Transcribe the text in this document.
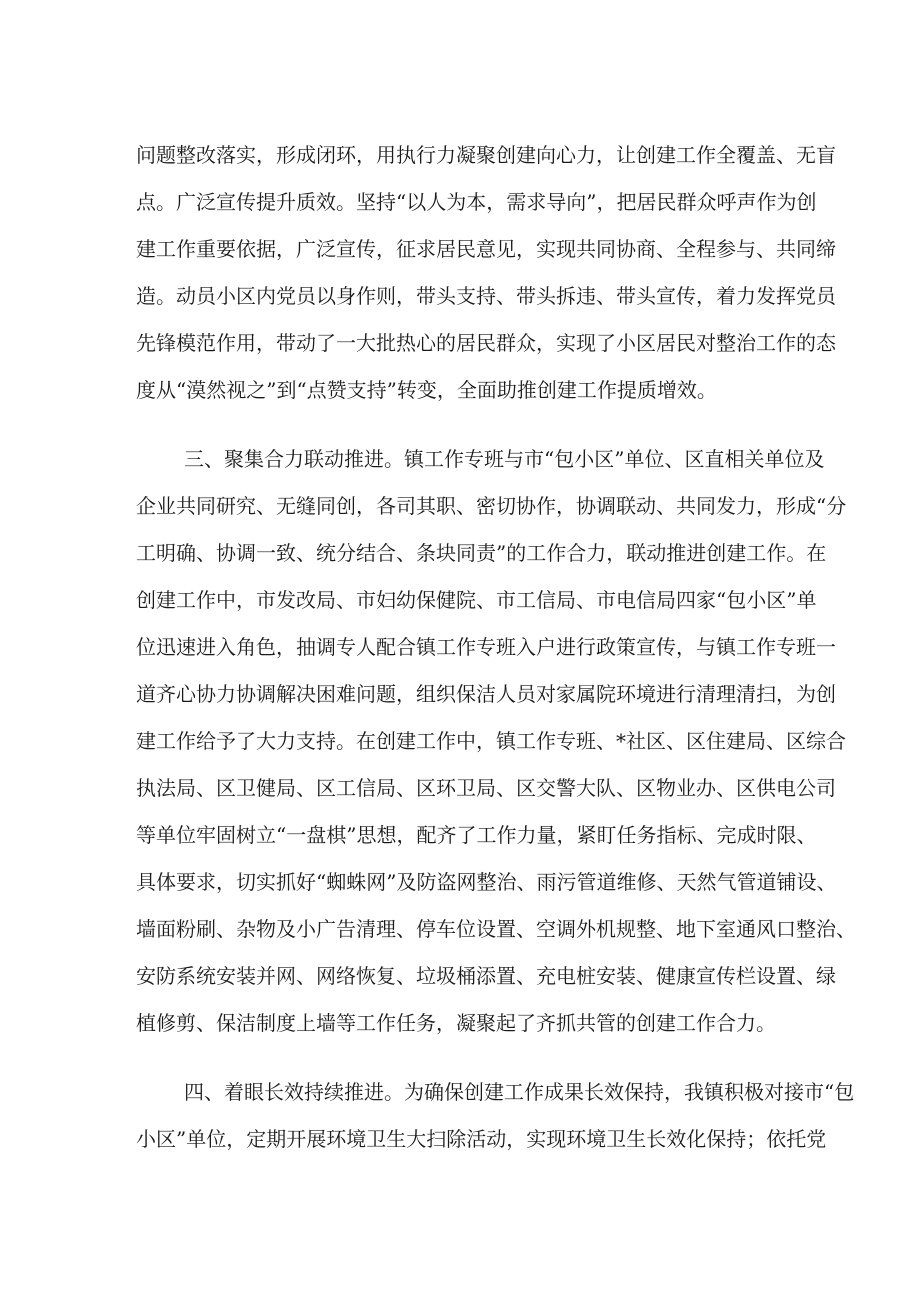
问题整改落实，形成闭环，用执行力凝聚创建向心力，让创建工作全覆盖、无盲
点。广泛宣传提升质效。坚持“以人为本，需求导向”，把居民群众呼声作为创
建工作重要依据，广泛宣传，征求居民意见，实现共同协商、全程参与、共同缔
造。动员小区内党员以身作则，带头支持、带头拆违、带头宣传，着力发挥党员
先锋模范作用，带动了一大批热心的居民群众，实现了小区居民对整治工作的态
度从“漠然视之”到“点赞支持”转变，全面助推创建工作提质增效。
三、聚集合力联动推进。镇工作专班与市“包小区”单位、区直相关单位及
企业共同研究、无缝同创，各司其职、密切协作，协调联动、共同发力，形成“分
工明确、协调一致、统分结合、条块同责”的工作合力，联动推进创建工作。在
创建工作中，市发改局、市妇幼保健院、市工信局、市电信局四家“包小区”单
位迅速进入角色，抽调专人配合镇工作专班入户进行政策宣传，与镇工作专班一
道齐心协力协调解决困难问题，组织保洁人员对家属院环境进行清理清扫，为创
建工作给予了大力支持。在创建工作中，镇工作专班、*社区、区住建局、区综合
执法局、区卫健局、区工信局、区环卫局、区交警大队、区物业办、区供电公司
等单位牢固树立“一盘棋”思想，配齐了工作力量，紧盯任务指标、完成时限、
具体要求，切实抓好“蜘蛛网”及防盗网整治、雨污管道维修、天然气管道铺设、
墙面粉刷、杂物及小广告清理、停车位设置、空调外机规整、地下室通风口整治、
安防系统安装并网、网络恢复、垃圾桶添置、充电桩安装、健康宣传栏设置、绿
植修剪、保洁制度上墙等工作任务，凝聚起了齐抓共管的创建工作合力。
四、着眼长效持续推进。为确保创建工作成果长效保持，我镇积极对接市“包
小区”单位，定期开展环境卫生大扫除活动，实现环境卫生长效化保持；依托党
